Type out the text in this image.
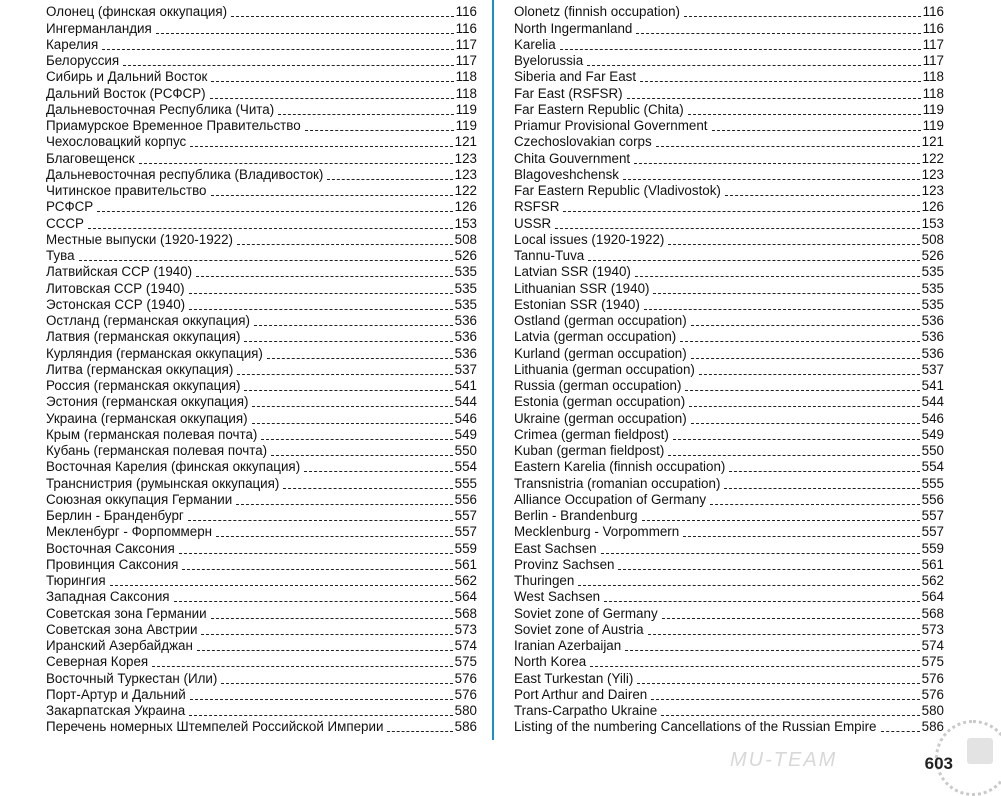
Олонец (финская оккупация)	116
Ингерманландия	116
Карелия	117
Белоруссия	117
Сибирь и Дальний Восток	118
Дальний Восток (РСФСР)	118
Дальневосточная Республика (Чита)	119
Приамурское Временное Правительство	119
Чехословацкий корпус	121
Благовещенск	123
Дальневосточная республика (Владивосток)	123
Читинское правительство	122
РСФСР	126
СССР	153
Местные выпуски (1920-1922)	508
Тува	526
Латвийская ССР (1940)	535
Литовская ССР (1940)	535
Эстонская ССР (1940)	535
Остланд (германская оккупация)	536
Латвия (германская оккупация)	536
Курляндия (германская оккупация)	536
Литва (германская оккупация)	537
Россия (германская оккупация)	541
Эстония (германская оккупация)	544
Украина (германская оккупация)	546
Крым (германская полевая почта)	549
Кубань (германская полевая почта)	550
Восточная Карелия (финская оккупация)	554
Транснистрия (румынская оккупация)	555
Союзная оккупация Германии	556
Берлин - Бранденбург	557
Мекленбург - Форпоммерн	557
Восточная Саксония	559
Провинция Саксония	561
Тюрингия	562
Западная Саксония	564
Советская зона Германии	568
Советская зона Австрии	573
Иранский Азербайджан	574
Северная Корея	575
Восточный Туркестан (Или)	576
Порт-Артур и Дальний	576
Закарпатская Украина	580
Перечень номерных Штемпелей Российской Империи	586
Olonetz (finnish occupation)	116
North Ingermanland	116
Karelia	117
Byelorussia	117
Siberia and Far East	118
Far East (RSFSR)	118
Far Eastern Republic (Chita)	119
Priamur Provisional Government	119
Czechoslovakian corps	121
Chita Gouvernment	122
Blagoveshchensk	123
Far Eastern Republic (Vladivostok)	123
RSFSR	126
USSR	153
Local issues (1920-1922)	508
Tannu-Tuva	526
Latvian SSR (1940)	535
Lithuanian SSR (1940)	535
Estonian SSR (1940)	535
Ostland (german occupation)	536
Latvia (german occupation)	536
Kurland (german occupation)	536
Lithuania (german occupation)	537
Russia (german occupation)	541
Estonia (german occupation)	544
Ukraine (german occupation)	546
Crimea (german fieldpost)	549
Kuban (german fieldpost)	550
Eastern Karelia (finnish occupation)	554
Transnistria (romanian occupation)	555
Alliance Occupation of Germany	556
Berlin - Brandenburg	557
Mecklenburg - Vorpommern	557
East Sachsen	559
Provinz Sachsen	561
Thuringen	562
West Sachsen	564
Soviet zone of Germany	568
Soviet zone of Austria	573
Iranian Azerbaijan	574
North Korea	575
East Turkestan (Yili)	576
Port Arthur and Dairen	576
Trans-Carpatho Ukraine	580
Listing of the numbering Cancellations of the Russian Empire	586
MU-TEAM	603
